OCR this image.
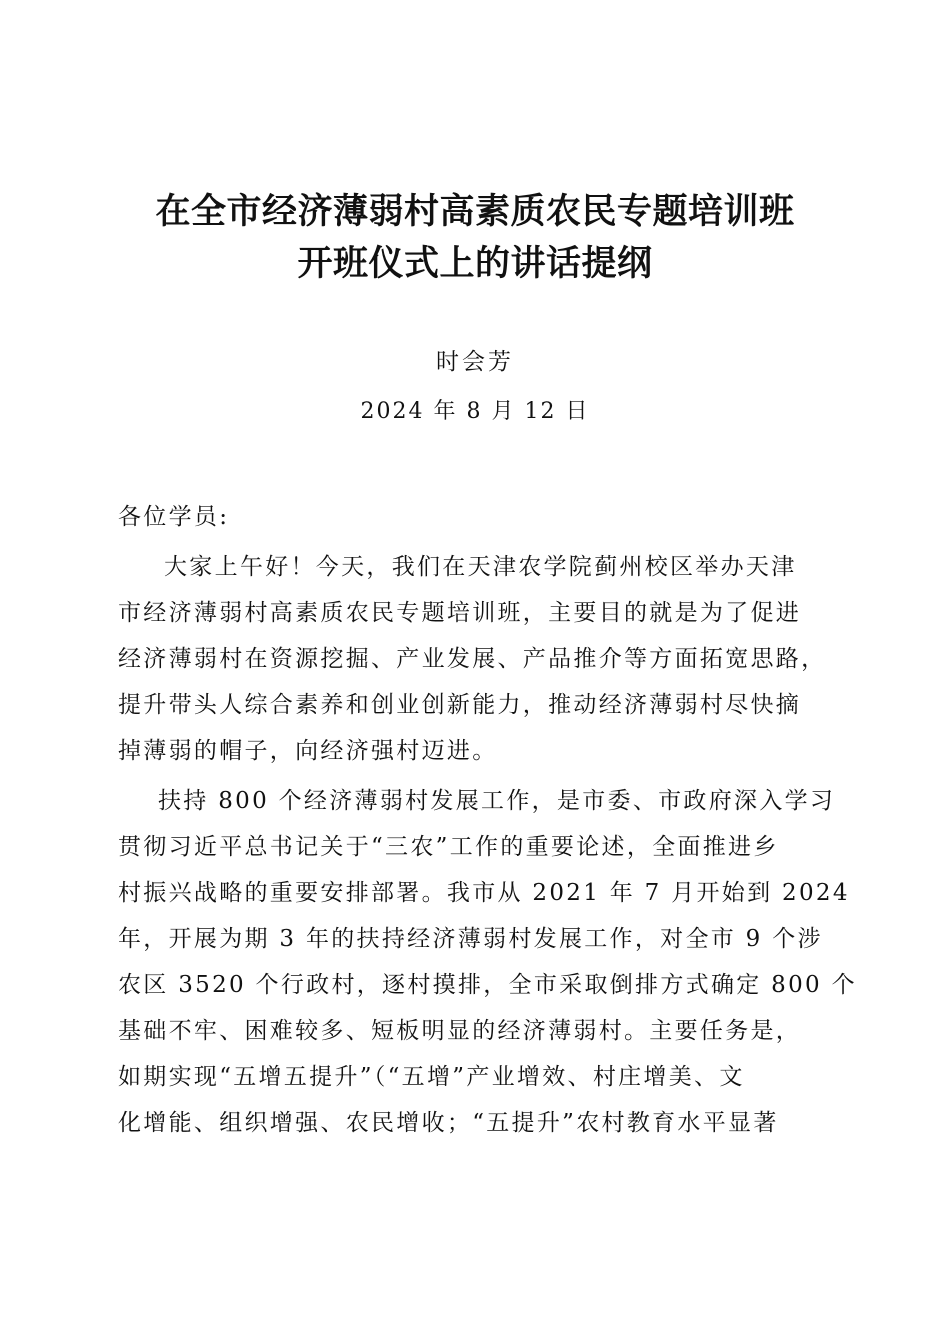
在全市经济薄弱村高素质农民专题培训班
开班仪式上的讲话提纲
时会芳
2024 年 8 月 12 日
各位学员:
大家上午好！今天，我们在天津农学院蓟州校区举办天津
市经济薄弱村高素质农民专题培训班，主要目的就是为了促进
经济薄弱村在资源挖掘、产业发展、产品推介等方面拓宽思路，
提升带头人综合素养和创业创新能力，推动经济薄弱村尽快摘
掉薄弱的帽子，向经济强村迈进。
扶持 800 个经济薄弱村发展工作，是市委、市政府深入学习
贯彻习近平总书记关于“三农”工作的重要论述，全面推进乡
村振兴战略的重要安排部署。我市从 2021 年 7 月开始到 2024
年，开展为期 3 年的扶持经济薄弱村发展工作，对全市 9 个涉
农区 3520 个行政村，逐村摸排，全市采取倒排方式确定 800 个
基础不牢、困难较多、短板明显的经济薄弱村。主要任务是，
如期实现“五增五提升”（“五增”产业增效、村庄增美、文
化增能、组织增强、农民增收；“五提升”农村教育水平显著
